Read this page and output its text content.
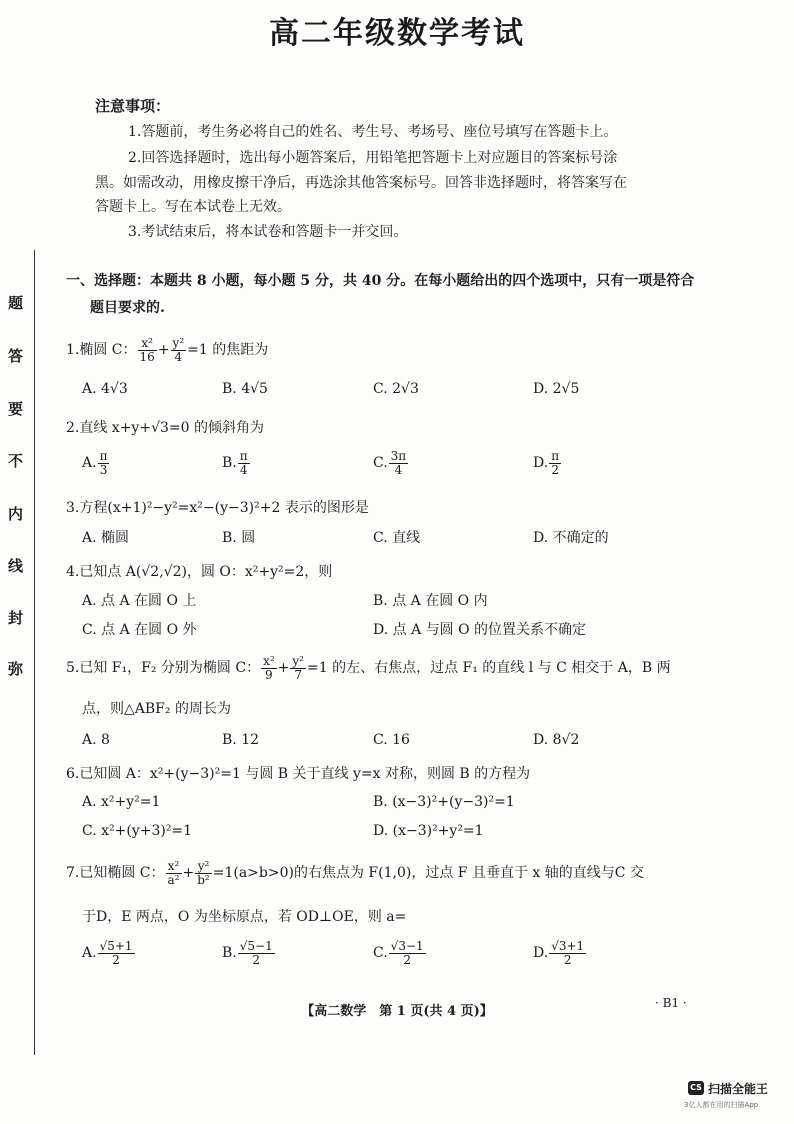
高二年级数学考试
注意事项：
1.答题前，考生务必将自己的姓名、考生号、考场号、座位号填写在答题卡上。
2.回答选择题时，选出每小题答案后，用铅笔把答题卡上对应题目的答案标号涂
黑。如需改动，用橡皮擦干净后，再选涂其他答案标号。回答非选择题时，将答案写在
答题卡上。写在本试卷上无效。
3.考试结束后，将本试卷和答题卡一并交回。
题
答
要
不
内
线
封
弥
一、选择题：本题共 8 小题，每小题 5 分，共 40 分。在每小题给出的四个选项中，只有一项是符合
题目要求的.
1.椭圆 C： $\frac{\text{x²}}{16} + \frac{\text{y²}}{4} =1$ 的焦距为
A. 4√3	B. 4√5	C. 2√3	D. 2√5
2.直线 x+y+√3=0 的倾斜角为
A. $\frac{\pi}{3}$	B. $\frac{\pi}{4}$	C. $\frac{3\pi}{4}$	D. $\frac{\pi}{2}$
3.方程(x+1)²−y²=x²−(y−3)²+2 表示的图形是
A. 椭圆	B. 圆	C. 直线	D. 不确定的
4.已知点 A(√2,√2)，圆 O：x²+y²=2，则
A. 点 A 在圆 O 上	B. 点 A 在圆 O 内
C. 点 A 在圆 O 外	D. 点 A 与圆 O 的位置关系不确定
5.已知 F₁，F₂ 分别为椭圆 C： $\frac{\text{x²}}{9} + \frac{\text{y²}}{7} =1$ 的左、右焦点，过点 F₁ 的直线 l 与 C 相交于 A，B 两
点，则△ABF₂ 的周长为
A. 8	B. 12	C. 16	D. 8√2
6.已知圆 A：x²+(y−3)²=1 与圆 B 关于直线 y=x 对称，则圆 B 的方程为
A. x²+y²=1	B. (x−3)²+(y−3)²=1
C. x²+(y+3)²=1	D. (x−3)²+y²=1
7.已知椭圆 C： $\frac{\text{x²}}{\text{a²}} + \frac{\text{y²}}{\text{b²}} =1(a>b>0)$的右焦点为 F(1,0)，过点 F 且垂直于 x 轴的直线与C 交
于D，E 两点，O 为坐标原点，若 OD⊥OE，则 a=
A. $\frac{√5+1}{2}$	B. $\frac{√5-1}{2}$	C. $\frac{√3-1}{2}$	D. $\frac{√3+1}{2}$
【高二数学　第 1 页(共 4 页)】
· B1 ·
CS 扫描全能王
3亿人都在用的扫描App
